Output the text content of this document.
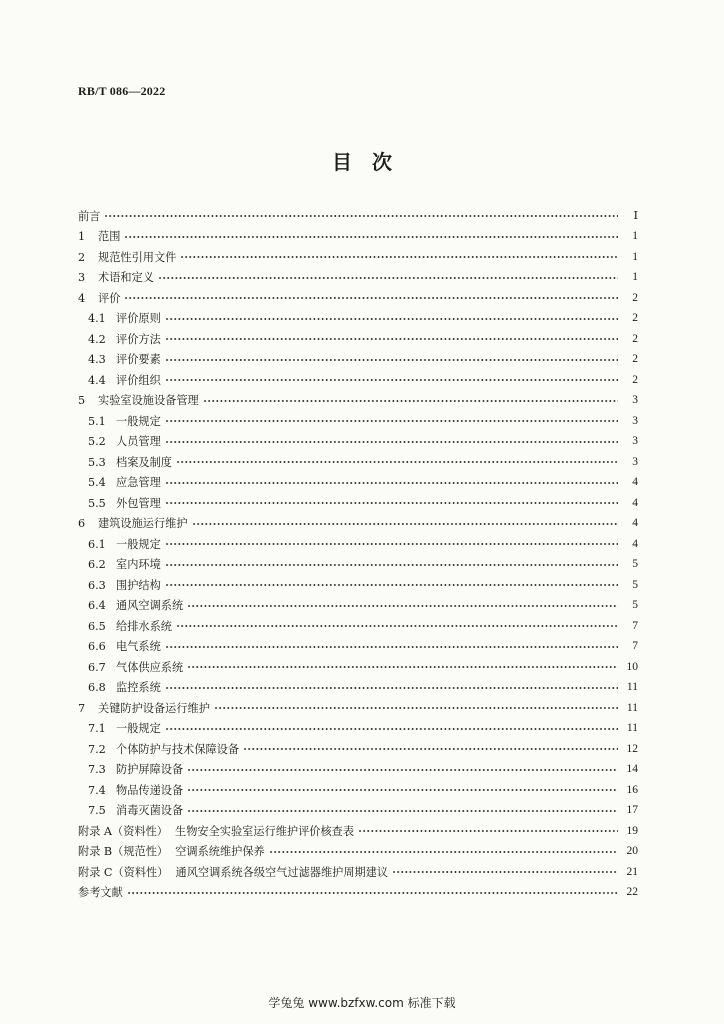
RB/T 086—2022
目　次
前言	Ⅰ
1 范围	1
2 规范性引用文件	1
3 术语和定义	1
4 评价	2
4.1 评价原则	2
4.2 评价方法	2
4.3 评价要素	2
4.4 评价组织	2
5 实验室设施设备管理	3
5.1 一般规定	3
5.2 人员管理	3
5.3 档案及制度	3
5.4 应急管理	4
5.5 外包管理	4
6 建筑设施运行维护	4
6.1 一般规定	4
6.2 室内环境	5
6.3 围护结构	5
6.4 通风空调系统	5
6.5 给排水系统	7
6.6 电气系统	7
6.7 气体供应系统	10
6.8 监控系统	11
7 关键防护设备运行维护	11
7.1 一般规定	11
7.2 个体防护与技术保障设备	12
7.3 防护屏障设备	14
7.4 物品传递设备	16
7.5 消毒灭菌设备	17
附录 A（资料性）  生物安全实验室运行维护评价核查表	19
附录 B（规范性）  空调系统维护保养	20
附录 C（资料性）  通风空调系统各级空气过滤器维护周期建议	21
参考文献	22
学兔兔 www.bzfxw.com 标准下载
